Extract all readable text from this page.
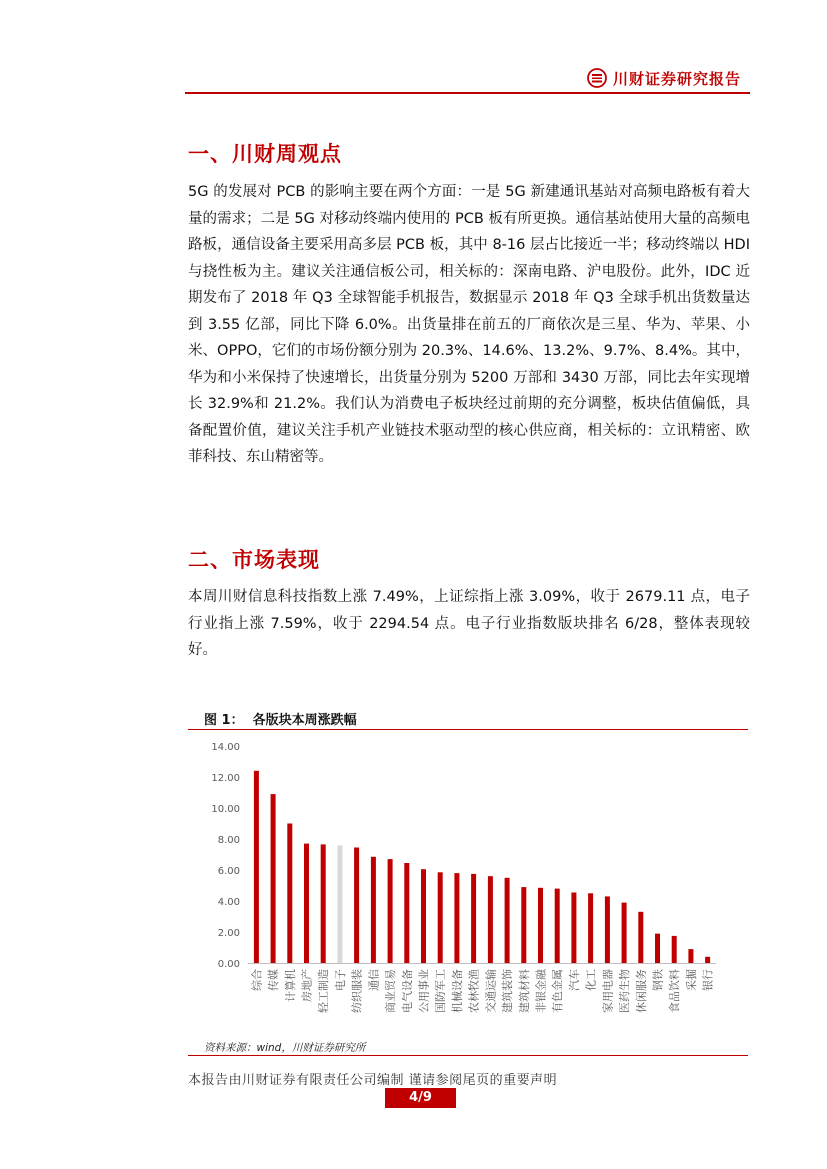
川财证券研究报告
一、川财周观点

5G 的发展对 PCB 的影响主要在两个方面：一是 5G 新建通讯基站对高频电路板有着大量的需求；二是 5G 对移动终端内使用的 PCB 板有所更换。通信基站使用大量的高频电路板，通信设备主要采用高多层 PCB 板，其中 8-16 层占比接近一半；移动终端以 HDI 与挠性板为主。建议关注通信板公司，相关标的：深南电路、沪电股份。此外，IDC 近期发布了 2018 年 Q3 全球智能手机报告，数据显示 2018 年 Q3 全球手机出货数量达到 3.55 亿部，同比下降 6.0%。出货量排在前五的厂商依次是三星、华为、苹果、小米、OPPO，它们的市场份额分别为 20.3%、14.6%、13.2%、9.7%、8.4%。其中，华为和小米保持了快速增长，出货量分别为 5200 万部和 3430 万部，同比去年实现增长 32.9%和 21.2%。我们认为消费电子板块经过前期的充分调整，板块估值偏低，具备配置价值，建议关注手机产业链技术驱动型的核心供应商，相关标的：立讯精密、欧菲科技、东山精密等。

二、市场表现

本周川财信息科技指数上涨 7.49%，上证综指上涨 3.09%，收于 2679.11 点，电子行业指上涨 7.59%，收于 2294.54 点。电子行业指数版块排名 6/28，整体表现较好。

图 1： 各版块本周涨跌幅
0.00
2.00
4.00
6.00
8.00
10.00
12.00
14.00
综合 传媒 计算机 房地产 轻工制造 电子 纺织服装 通信 商业贸易 电气设备 公用事业 国防军工 机械设备 农林牧渔 交通运输 建筑装饰 建筑材料 非银金融 有色金属 汽车 化工 家用电器 医药生物 休闲服务 钢铁 食品饮料 采掘 银行
资料来源：wind，川财证券研究所
本报告由川财证券有限责任公司编制 谨请参阅尾页的重要声明
4/9
